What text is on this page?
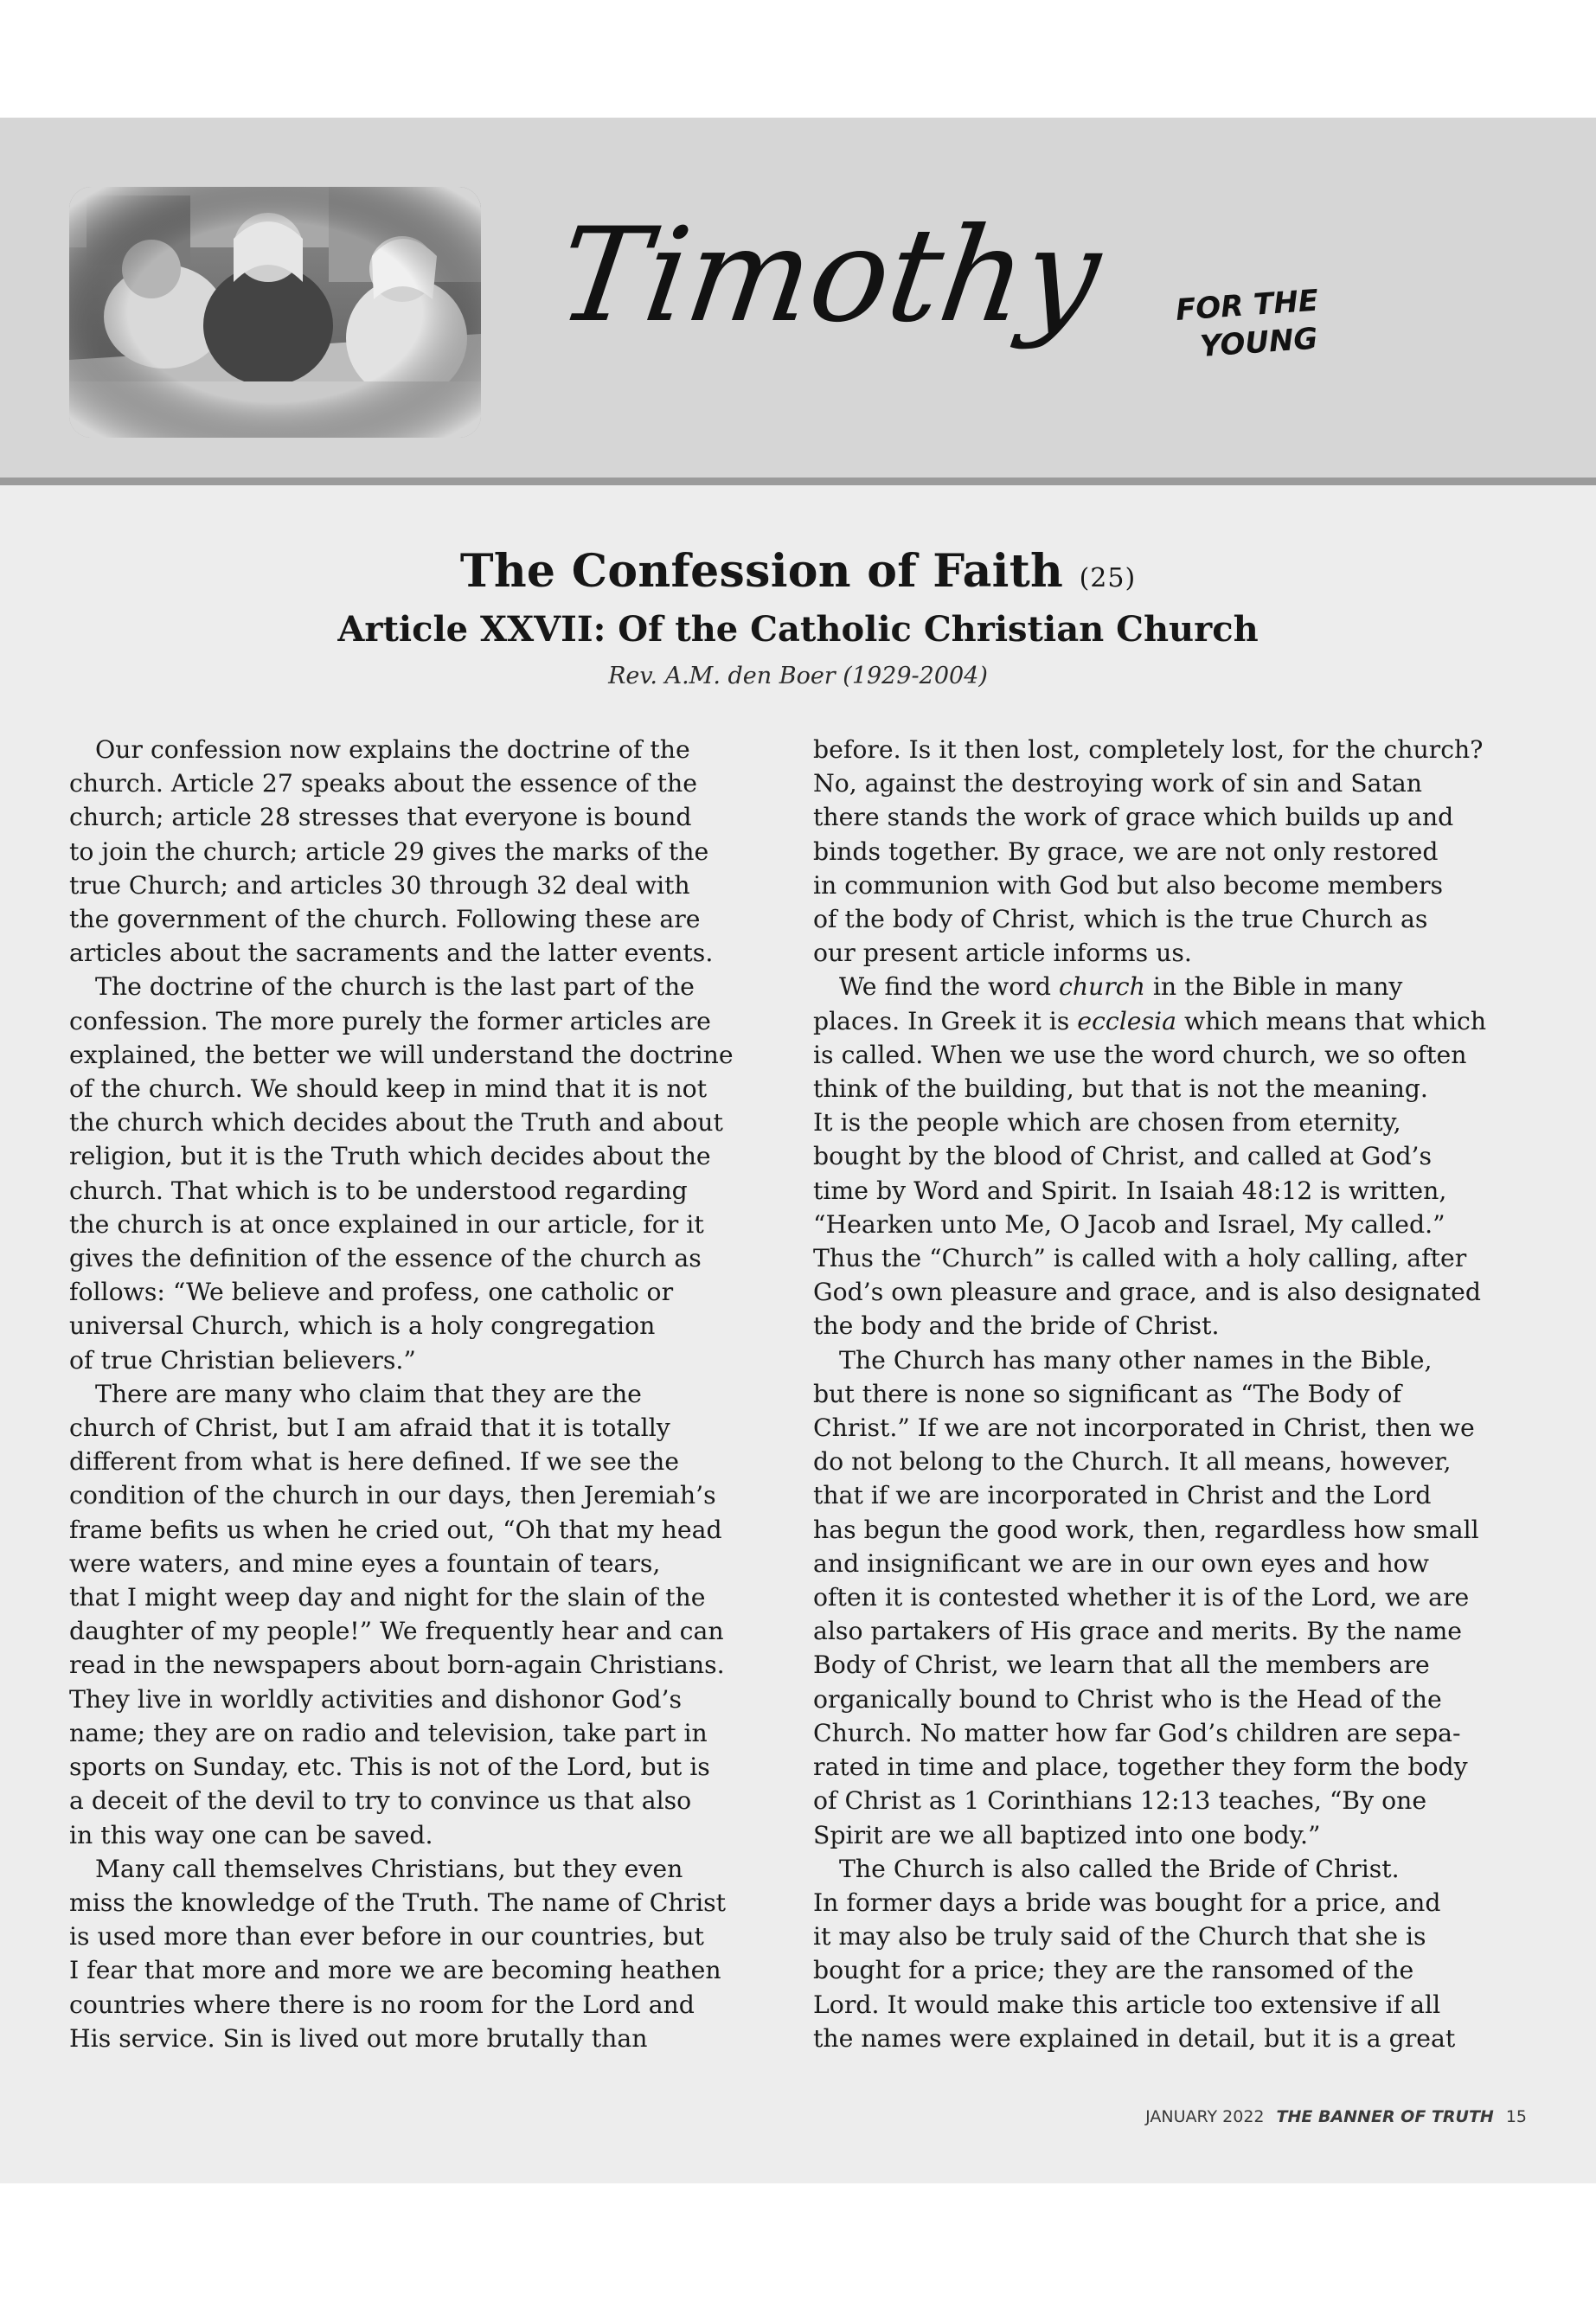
Timothy FOR THE
YOUNG
The Confession of Faith (25)
Article XXVII: Of the Catholic Christian Church
Rev. A.M. den Boer (1929-2004)

Our confession now explains the doctrine of the

church. Article 27 speaks about the essence of the

church; article 28 stresses that everyone is bound

to join the church; article 29 gives the marks of the

true Church; and articles 30 through 32 deal with

the government of the church. Following these are

articles about the sacraments and the latter events.

The doctrine of the church is the last part of the

confession. The more purely the former articles are

explained, the better we will understand the doctrine

of the church. We should keep in mind that it is not

the church which decides about the Truth and about

religion, but it is the Truth which decides about the

church. That which is to be understood regarding

the church is at once explained in our article, for it

gives the definition of the essence of the church as

follows: “We believe and profess, one catholic or

universal Church, which is a holy congregation

of true Christian believers.”

There are many who claim that they are the

church of Christ, but I am afraid that it is totally

different from what is here defined. If we see the

condition of the church in our days, then Jeremiah’s

frame befits us when he cried out, “Oh that my head

were waters, and mine eyes a fountain of tears,

that I might weep day and night for the slain of the

daughter of my people!” We frequently hear and can

read in the newspapers about born-again Christians.

They live in worldly activities and dishonor God’s

name; they are on radio and television, take part in

sports on Sunday, etc. This is not of the Lord, but is

a deceit of the devil to try to convince us that also

in this way one can be saved.

Many call themselves Christians, but they even

miss the knowledge of the Truth. The name of Christ

is used more than ever before in our countries, but

I fear that more and more we are becoming heathen

countries where there is no room for the Lord and

His service. Sin is lived out more brutally than

before. Is it then lost, completely lost, for the church?

No, against the destroying work of sin and Satan

there stands the work of grace which builds up and

binds together. By grace, we are not only restored

in communion with God but also become members

of the body of Christ, which is the true Church as

our present article informs us.

We find the word church in the Bible in many

places. In Greek it is ecclesia which means that which

is called. When we use the word church, we so often

think of the building, but that is not the meaning.

It is the people which are chosen from eternity,

bought by the blood of Christ, and called at God’s

time by Word and Spirit. In Isaiah 48:12 is written,

“Hearken unto Me, O Jacob and Israel, My called.”

Thus the “Church” is called with a holy calling, after

God’s own pleasure and grace, and is also designated

the body and the bride of Christ.

The Church has many other names in the Bible,

but there is none so significant as “The Body of

Christ.” If we are not incorporated in Christ, then we

do not belong to the Church. It all means, however,

that if we are incorporated in Christ and the Lord

has begun the good work, then, regardless how small

and insignificant we are in our own eyes and how

often it is contested whether it is of the Lord, we are

also partakers of His grace and merits. By the name

Body of Christ, we learn that all the members are

organically bound to Christ who is the Head of the

Church. No matter how far God’s children are sepa-

rated in time and place, together they form the body

of Christ as 1 Corinthians 12:13 teaches, “By one

Spirit are we all baptized into one body.”

The Church is also called the Bride of Christ.

In former days a bride was bought for a price, and

it may also be truly said of the Church that she is

bought for a price; they are the ransomed of the

Lord. It would make this article too extensive if all

the names were explained in detail, but it is a great

JANUARY 2022 THE BANNER OF TRUTH 15
